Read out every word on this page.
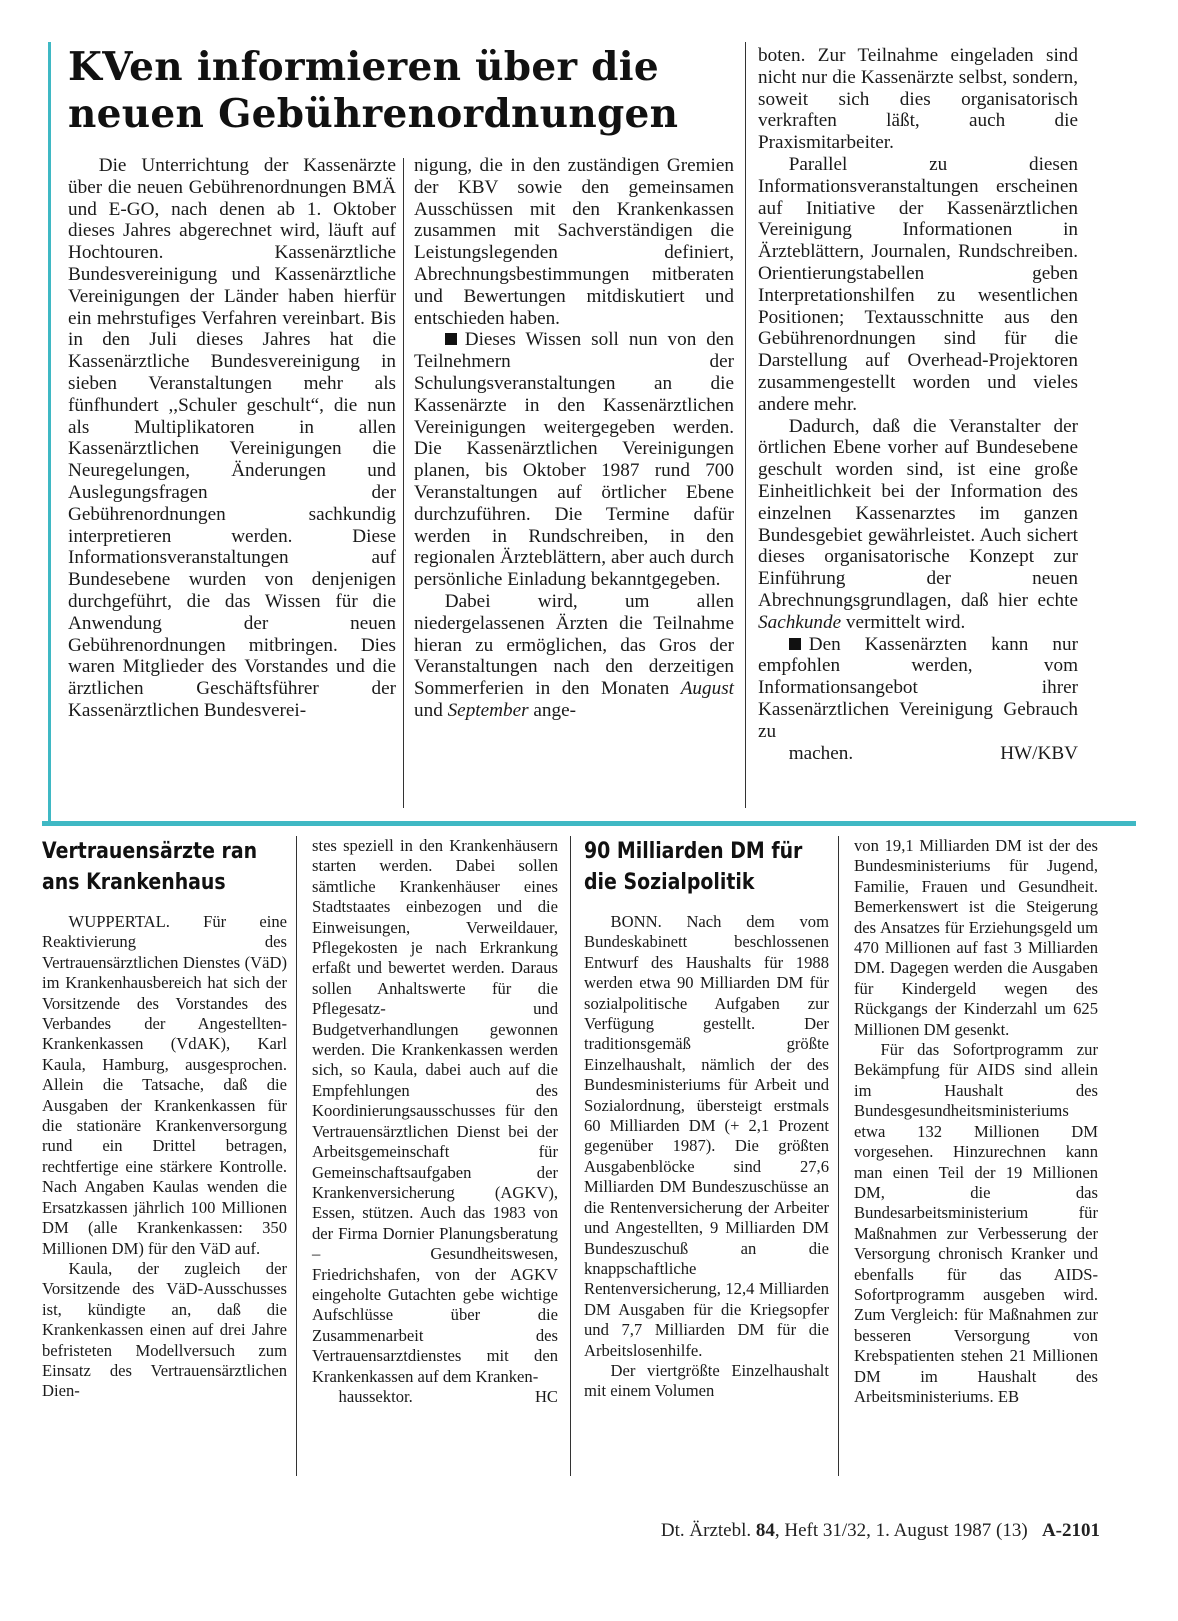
KVen informieren über die neuen Gebührenordnungen

Die Unterrichtung der Kassenärzte über die neuen Gebührenordnungen BMÄ und E-GO, nach denen ab 1. Oktober dieses Jahres abgerechnet wird, läuft auf Hochtouren. Kassenärztliche Bundesvereinigung und Kassenärztliche Vereinigungen der Länder haben hierfür ein mehrstufiges Verfahren vereinbart. Bis in den Juli dieses Jahres hat die Kassenärztliche Bundesvereinigung in sieben Veranstaltungen mehr als fünfhundert ,,Schuler geschult“, die nun als Multiplikatoren in allen Kassenärztlichen Vereinigungen die Neuregelungen, Änderungen und Auslegungsfragen der Gebührenordnungen sachkundig interpretieren werden. Diese Informationsveranstaltungen auf Bundesebene wurden von denjenigen durchgeführt, die das Wissen für die Anwendung der neuen Gebührenordnungen mitbringen. Dies waren Mitglieder des Vorstandes und die ärztlichen Geschäftsführer der Kassenärztlichen Bundesverei-

nigung, die in den zuständigen Gremien der KBV sowie den gemeinsamen Ausschüssen mit den Krankenkassen zusammen mit Sachverständigen die Leistungslegenden definiert, Abrechnungsbestimmungen mitberaten und Bewertungen mitdiskutiert und entschieden haben.

Dieses Wissen soll nun von den Teilnehmern der Schulungsveranstaltungen an die Kassenärzte in den Kassenärztlichen Vereinigungen weitergegeben werden. Die Kassenärztlichen Vereinigungen planen, bis Oktober 1987 rund 700 Veranstaltungen auf örtlicher Ebene durchzuführen. Die Termine dafür werden in Rundschreiben, in den regionalen Ärzteblättern, aber auch durch persönliche Einladung bekanntgegeben.

Dabei wird, um allen niedergelassenen Ärzten die Teilnahme hieran zu ermöglichen, das Gros der Veranstaltungen nach den derzeitigen Sommerferien in den Monaten August und September ange-

boten. Zur Teilnahme eingeladen sind nicht nur die Kassenärzte selbst, sondern, soweit sich dies organisatorisch verkraften läßt, auch die Praxismitarbeiter.

Parallel zu diesen Informationsveranstaltungen erscheinen auf Initiative der Kassenärztlichen Vereinigung Informationen in Ärzteblättern, Journalen, Rundschreiben. Orientierungstabellen geben Interpretationshilfen zu wesentlichen Positionen; Textausschnitte aus den Gebührenordnungen sind für die Darstellung auf Overhead-Projektoren zusammengestellt worden und vieles andere mehr.

Dadurch, daß die Veranstalter der örtlichen Ebene vorher auf Bundesebene geschult worden sind, ist eine große Einheitlichkeit bei der Information des einzelnen Kassenarztes im ganzen Bundesgebiet gewährleistet. Auch sichert dieses organisatorische Konzept zur Einführung der neuen Abrechnungsgrundlagen, daß hier echte Sachkunde vermittelt wird.

Den Kassenärzten kann nur empfohlen werden, vom Informationsangebot ihrer Kassenärztlichen Vereinigung Gebrauch zu

machen.	HW/KBV

Vertrauensärzte ran ans Krankenhaus

WUPPERTAL. Für eine Reaktivierung des Vertrauensärztlichen Dienstes (VäD) im Krankenhausbereich hat sich der Vorsitzende des Vorstandes des Verbandes der Angestellten-Krankenkassen (VdAK), Karl Kaula, Hamburg, ausgesprochen. Allein die Tatsache, daß die Ausgaben der Krankenkassen für die stationäre Krankenversorgung rund ein Drittel betragen, rechtfertige eine stärkere Kontrolle. Nach Angaben Kaulas wenden die Ersatzkassen jährlich 100 Millionen DM (alle Krankenkassen: 350 Millionen DM) für den VäD auf.

Kaula, der zugleich der Vorsitzende des VäD-Ausschusses ist, kündigte an, daß die Krankenkassen einen auf drei Jahre befristeten Modellversuch zum Einsatz des Vertrauensärztlichen Dien-

stes speziell in den Krankenhäusern starten werden. Dabei sollen sämtliche Krankenhäuser eines Stadtstaates einbezogen und die Einweisungen, Verweildauer, Pflegekosten je nach Erkrankung erfaßt und bewertet werden. Daraus sollen Anhaltswerte für die Pflegesatz- und Budgetverhandlungen gewonnen werden. Die Krankenkassen werden sich, so Kaula, dabei auch auf die Empfehlungen des Koordinierungsausschusses für den Vertrauensärztlichen Dienst bei der Arbeitsgemeinschaft für Gemeinschaftsaufgaben der Krankenversicherung (AGKV), Essen, stützen. Auch das 1983 von der Firma Dornier Planungsberatung – Gesundheitswesen, Friedrichshafen, von der AGKV eingeholte Gutachten gebe wichtige Aufschlüsse über die Zusammenarbeit des Vertrauensarztdienstes mit den Krankenkassen auf dem Kranken-

haussektor.	HC

90 Milliarden DM für die Sozialpolitik

BONN. Nach dem vom Bundeskabinett beschlossenen Entwurf des Haushalts für 1988 werden etwa 90 Milliarden DM für sozialpolitische Aufgaben zur Verfügung gestellt. Der traditionsgemäß größte Einzelhaushalt, nämlich der des Bundesministeriums für Arbeit und Sozialordnung, übersteigt erstmals 60 Milliarden DM (+ 2,1 Prozent gegenüber 1987). Die größten Ausgabenblöcke sind 27,6 Milliarden DM Bundeszuschüsse an die Rentenversicherung der Arbeiter und Angestellten, 9 Milliarden DM Bundeszuschuß an die knappschaftliche Rentenversicherung, 12,4 Milliarden DM Ausgaben für die Kriegsopfer und 7,7 Milliarden DM für die Arbeitslosenhilfe.

Der viertgrößte Einzelhaushalt mit einem Volumen

von 19,1 Milliarden DM ist der des Bundesministeriums für Jugend, Familie, Frauen und Gesundheit. Bemerkenswert ist die Steigerung des Ansatzes für Erziehungsgeld um 470 Millionen auf fast 3 Milliarden DM. Dagegen werden die Ausgaben für Kindergeld wegen des Rückgangs der Kinderzahl um 625 Millionen DM gesenkt.

Für das Sofortprogramm zur Bekämpfung für AIDS sind allein im Haushalt des Bundesgesundheitsministeriums etwa 132 Millionen DM vorgesehen. Hinzurechnen kann man einen Teil der 19 Millionen DM, die das Bundesarbeitsministerium für Maßnahmen zur Verbesserung der Versorgung chronisch Kranker und ebenfalls für das AIDS-Sofortprogramm ausgeben wird. Zum Vergleich: für Maßnahmen zur besseren Versorgung von Krebspatienten stehen 21 Millionen DM im Haushalt des Arbeitsministeriums. EB

Dt. Ärztebl. 84, Heft 31/32, 1. August 1987 (13) A-2101
